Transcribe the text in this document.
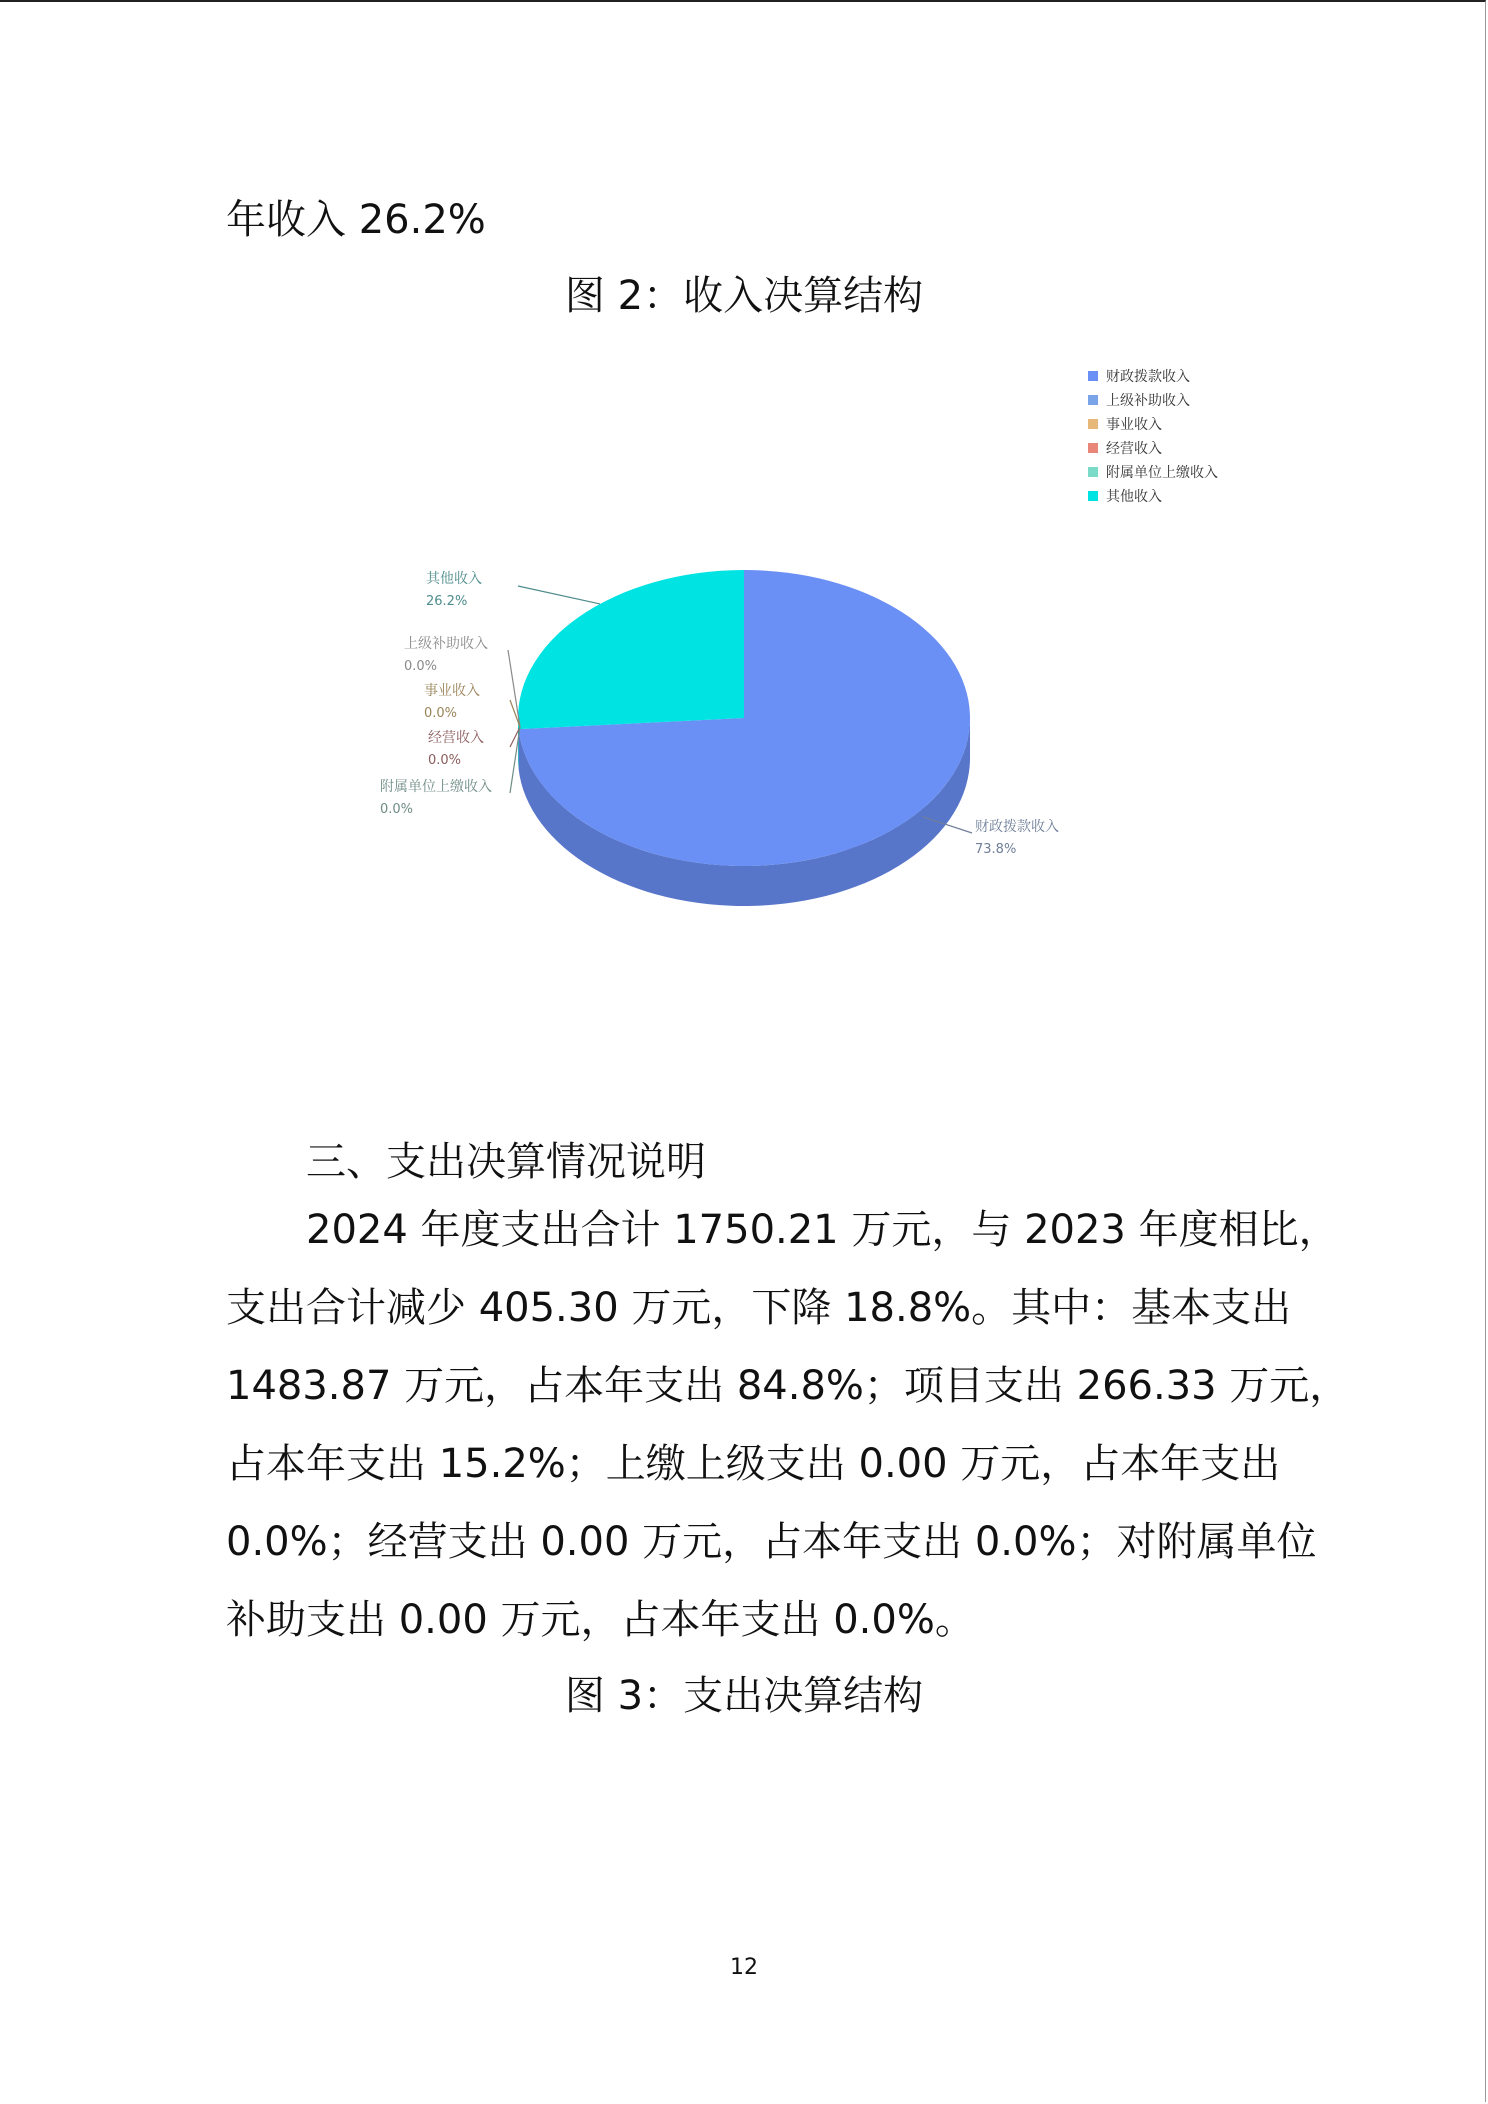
年收入 26.2%
图 2：收入决算结构
财政拨款收入
73.8%
上级补助收入
0.0%
事业收入
0.0%
经营收入
0.0%
附属单位上缴收入
0.0%
其他收入
26.2%
财政拨款收入
上级补助收入
事业收入
经营收入
附属单位上缴收入
其他收入
三、支出决算情况说明
2024 年度支出合计 1750.21 万元，与 2023 年度相比，
支出合计减少 405.30 万元，下降 18.8%。其中：基本支出
1483.87 万元，占本年支出 84.8%；项目支出 266.33 万元，
占本年支出 15.2%；上缴上级支出 0.00 万元，占本年支出
0.0%；经营支出 0.00 万元，占本年支出 0.0%；对附属单位
补助支出 0.00 万元，占本年支出 0.0%。
图 3：支出决算结构
12
